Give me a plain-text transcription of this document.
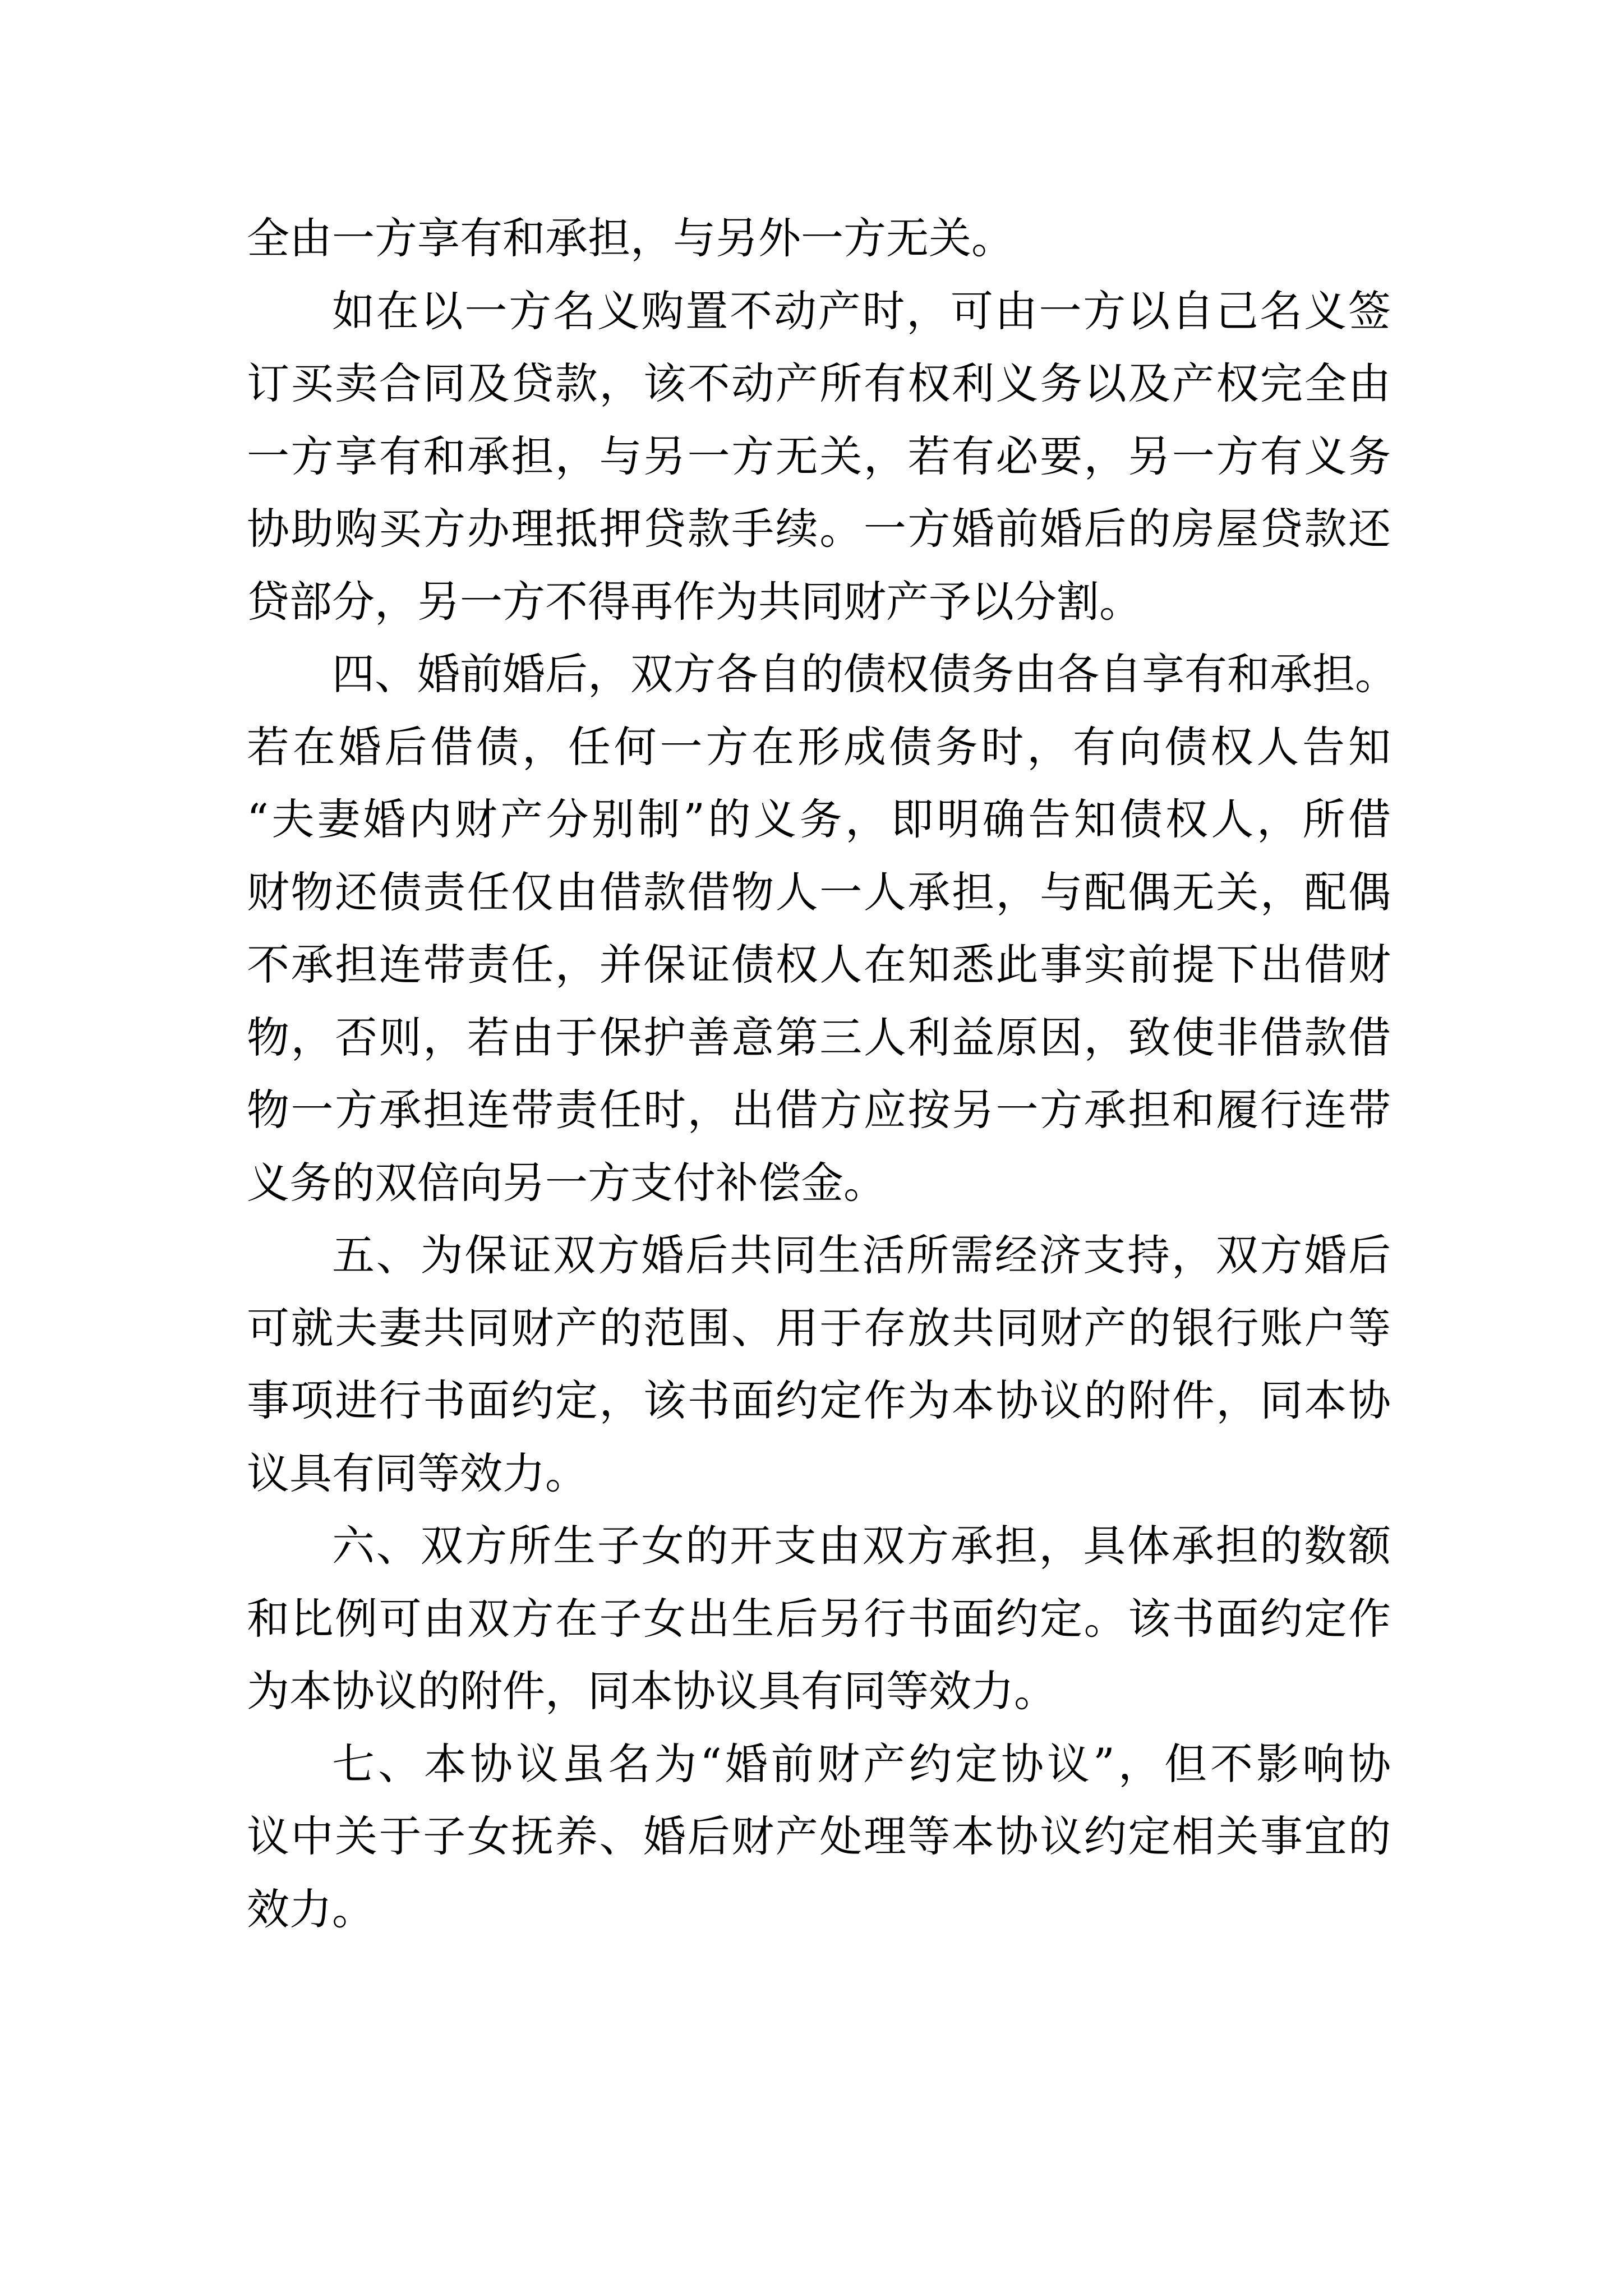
全由一方享有和承担，与另外一方无关。
如在以一方名义购置不动产时，可由一方以自己名义签
订买卖合同及贷款，该不动产所有权利义务以及产权完全由
一方享有和承担，与另一方无关，若有必要，另一方有义务
协助购买方办理抵押贷款手续。一方婚前婚后的房屋贷款还
贷部分，另一方不得再作为共同财产予以分割。
四、婚前婚后，双方各自的债权债务由各自享有和承担。
若在婚后借债，任何一方在形成债务时，有向债权人告知
“夫妻婚内财产分别制”的义务，即明确告知债权人，所借
财物还债责任仅由借款借物人一人承担，与配偶无关，配偶
不承担连带责任，并保证债权人在知悉此事实前提下出借财
物，否则，若由于保护善意第三人利益原因，致使非借款借
物一方承担连带责任时，出借方应按另一方承担和履行连带
义务的双倍向另一方支付补偿金。
五、为保证双方婚后共同生活所需经济支持，双方婚后
可就夫妻共同财产的范围、用于存放共同财产的银行账户等
事项进行书面约定，该书面约定作为本协议的附件，同本协
议具有同等效力。
六、双方所生子女的开支由双方承担，具体承担的数额
和比例可由双方在子女出生后另行书面约定。该书面约定作
为本协议的附件，同本协议具有同等效力。
七、本协议虽名为“婚前财产约定协议”，但不影响协
议中关于子女抚养、婚后财产处理等本协议约定相关事宜的
效力。
